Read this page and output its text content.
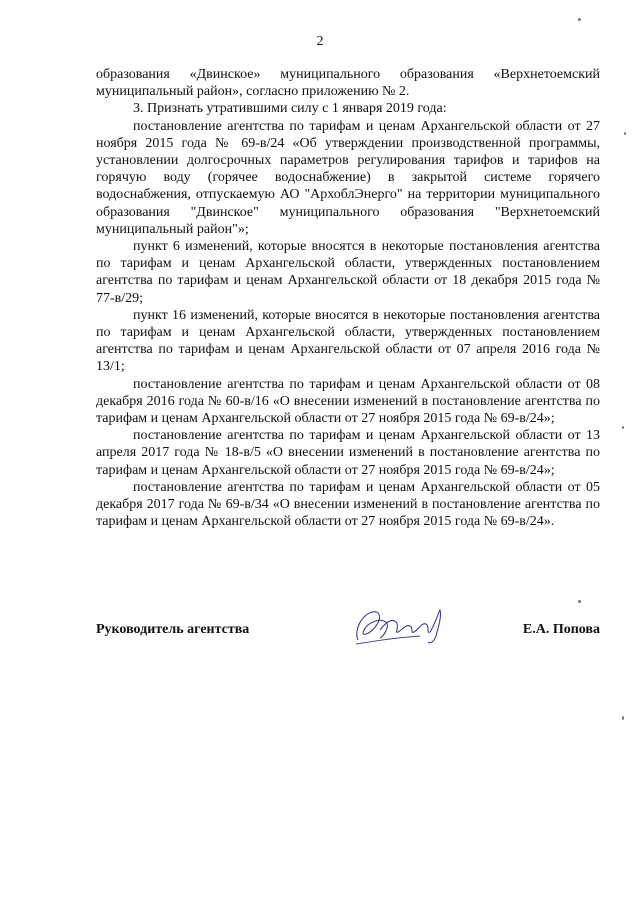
2

образования «Двинское» муниципального образования «Верхнетоемский муниципальный район», согласно приложению № 2.

3. Признать утратившими силу с 1 января 2019 года:

постановление агентства по тарифам и ценам Архангельской области от 27 ноября 2015 года № 69-в/24 «Об утверждении производственной программы, установлении долгосрочных параметров регулирования тарифов и тарифов на горячую воду (горячее водоснабжение) в закрытой системе горячего водоснабжения, отпускаемую АО "АрхоблЭнерго" на территории муниципального образования "Двинское" муниципального образования "Верхнетоемский муниципальный район"»;

пункт 6 изменений, которые вносятся в некоторые постановления агентства по тарифам и ценам Архангельской области, утвержденных постановлением агентства по тарифам и ценам Архангельской области от 18 декабря 2015 года № 77-в/29;

пункт 16 изменений, которые вносятся в некоторые постановления агентства по тарифам и ценам Архангельской области, утвержденных постановлением агентства по тарифам и ценам Архангельской области от 07 апреля 2016 года № 13/1;

постановление агентства по тарифам и ценам Архангельской области от 08 декабря 2016 года № 60-в/16 «О внесении изменений в постановление агентства по тарифам и ценам Архангельской области от 27 ноября 2015 года № 69-в/24»;

постановление агентства по тарифам и ценам Архангельской области от 13 апреля 2017 года № 18-в/5 «О внесении изменений в постановление агентства по тарифам и ценам Архангельской области от 27 ноября 2015 года № 69-в/24»;

постановление агентства по тарифам и ценам Архангельской области от 05 декабря 2017 года № 69-в/34 «О внесении изменений в постановление агентства по тарифам и ценам Архангельской области от 27 ноября 2015 года № 69-в/24».

Руководитель агентства	Е.А. Попова
